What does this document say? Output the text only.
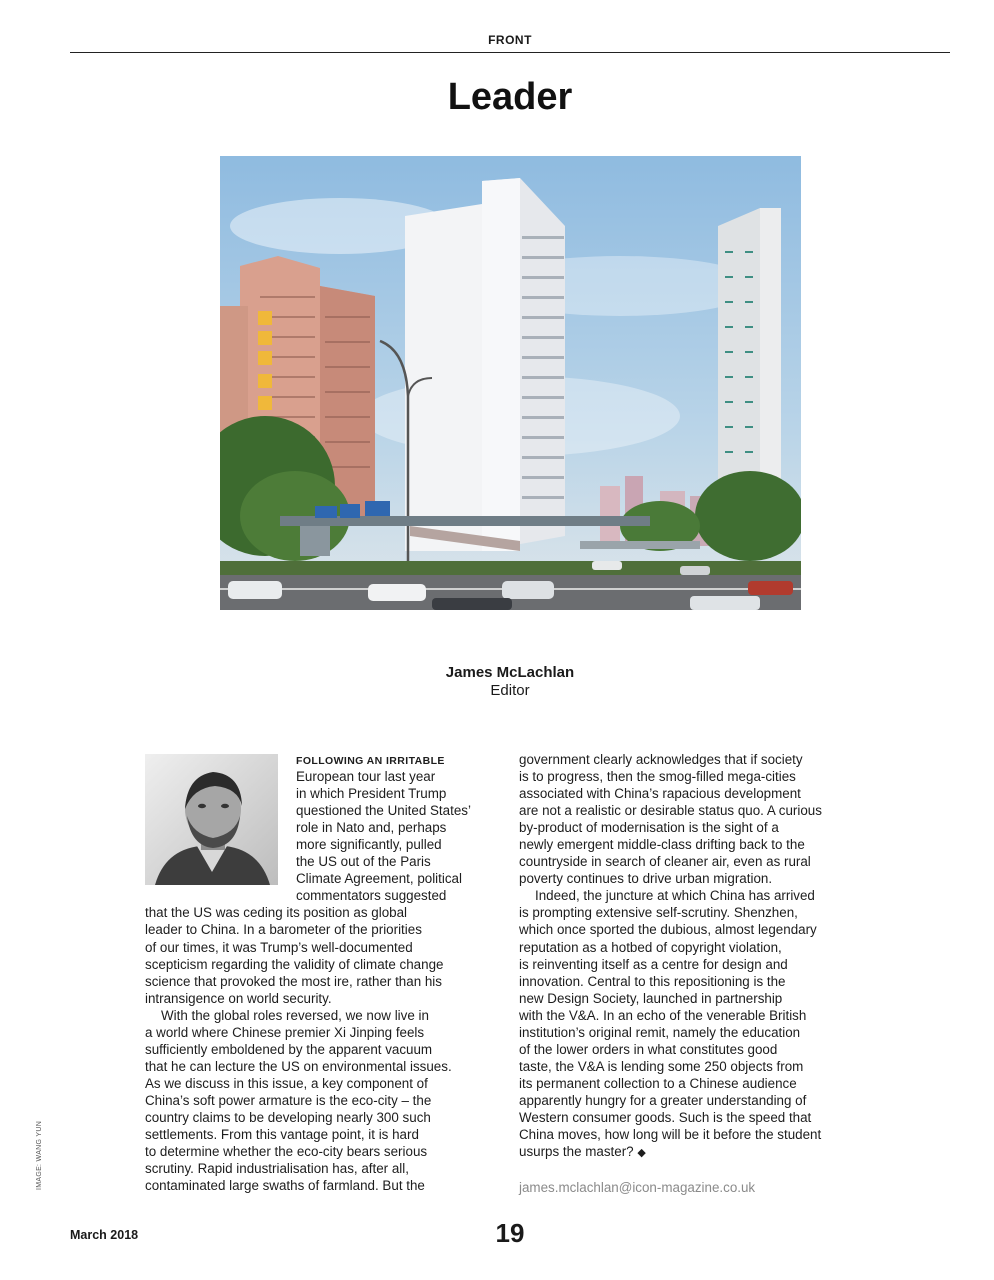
FRONT
Leader
James McLachlan
Editor
FOLLOWING AN IRRITABLE
European tour last year
in which President Trump
questioned the United States’
role in Nato and, perhaps
more significantly, pulled
the US out of the Paris
Climate Agreement, political
commentators suggested
that the US was ceding its position as global
leader to China. In a barometer of the priorities
of our times, it was Trump’s well-documented
scepticism regarding the validity of climate change
science that provoked the most ire, rather than his
intransigence on world security.
With the global roles reversed, we now live in
a world where Chinese premier Xi Jinping feels
sufficiently emboldened by the apparent vacuum
that he can lecture the US on environmental issues.
As we discuss in this issue, a key component of
China’s soft power armature is the eco-city – the
country claims to be developing nearly 300 such
settlements. From this vantage point, it is hard
to determine whether the eco-city bears serious
scrutiny. Rapid industrialisation has, after all,
contaminated large swaths of farmland. But the
government clearly acknowledges that if society
is to progress, then the smog-filled mega-cities
associated with China’s rapacious development
are not a realistic or desirable status quo. A curious
by-product of modernisation is the sight of a
newly emergent middle-class drifting back to the
countryside in search of cleaner air, even as rural
poverty continues to drive urban migration.
Indeed, the juncture at which China has arrived
is prompting extensive self-scrutiny. Shenzhen,
which once sported the dubious, almost legendary
reputation as a hotbed of copyright violation,
is reinventing itself as a centre for design and
innovation. Central to this repositioning is the
new Design Society, launched in partnership
with the V&A. In an echo of the venerable British
institution’s original remit, namely the education
of the lower orders in what constitutes good
taste, the V&A is lending some 250 objects from
its permanent collection to a Chinese audience
apparently hungry for a greater understanding of
Western consumer goods. Such is the speed that
China moves, how long will be it before the student
usurps the master? ◆
james.mclachlan@icon-magazine.co.uk
IMAGE: WANG YUN
March 2018	19
